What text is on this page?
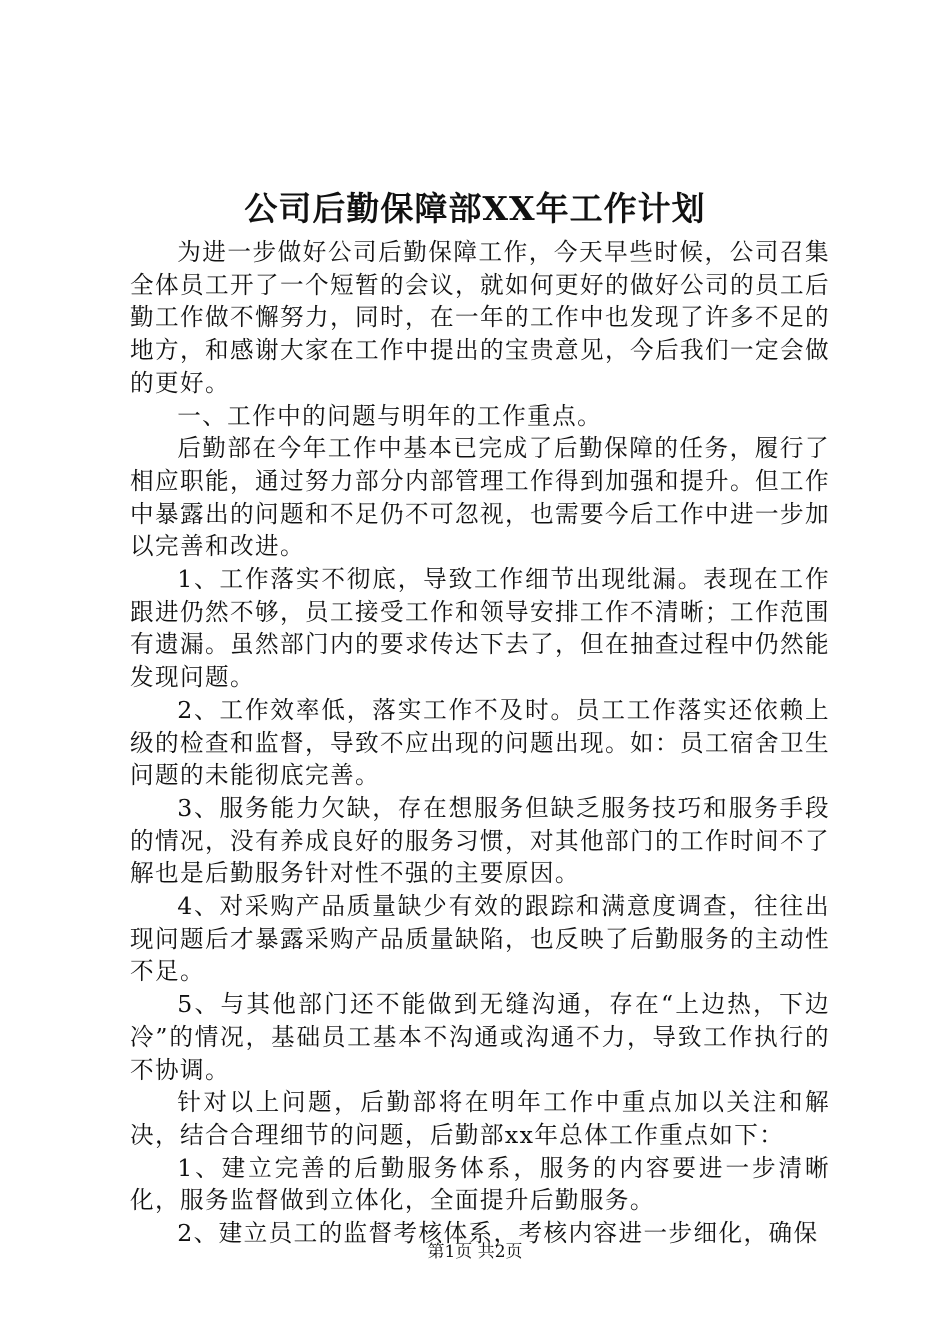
公司后勤保障部XX年工作计划

为进一步做好公司后勤保障工作，今天早些时候，公司召集全体员工开了一个短暂的会议，就如何更好的做好公司的员工后勤工作做不懈努力，同时，在一年的工作中也发现了许多不足的地方，和感谢大家在工作中提出的宝贵意见，今后我们一定会做的更好。

一、工作中的问题与明年的工作重点。

后勤部在今年工作中基本已完成了后勤保障的任务，履行了相应职能，通过努力部分内部管理工作得到加强和提升。但工作中暴露出的问题和不足仍不可忽视，也需要今后工作中进一步加以完善和改进。

1、工作落实不彻底，导致工作细节出现纰漏。表现在工作跟进仍然不够，员工接受工作和领导安排工作不清晰；工作范围有遗漏。虽然部门内的要求传达下去了，但在抽查过程中仍然能发现问题。

2、工作效率低，落实工作不及时。员工工作落实还依赖上级的检查和监督，导致不应出现的问题出现。如：员工宿舍卫生问题的未能彻底完善。

3、服务能力欠缺，存在想服务但缺乏服务技巧和服务手段的情况，没有养成良好的服务习惯，对其他部门的工作时间不了解也是后勤服务针对性不强的主要原因。

4、对采购产品质量缺少有效的跟踪和满意度调查，往往出现问题后才暴露采购产品质量缺陷，也反映了后勤服务的主动性不足。

5、与其他部门还不能做到无缝沟通，存在“上边热，下边冷”的情况，基础员工基本不沟通或沟通不力，导致工作执行的不协调。

针对以上问题，后勤部将在明年工作中重点加以关注和解决，结合合理细节的问题，后勤部xx年总体工作重点如下：

1、建立完善的后勤服务体系，服务的内容要进一步清晰化，服务监督做到立体化，全面提升后勤服务。

2、建立员工的监督考核体系，考核内容进一步细化，确保

第1页 共2页
